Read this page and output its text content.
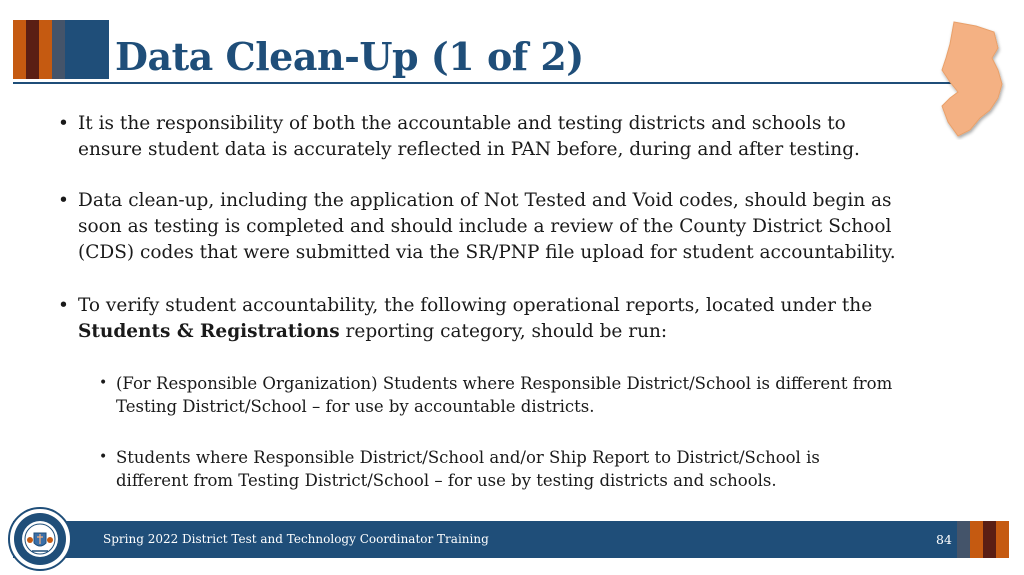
Data Clean-Up (1 of 2)
• It is the responsibility of both the accountable and testing districts and schools to
ensure student data is accurately reflected in PAN before, during and after testing.
• Data clean-up, including the application of Not Tested and Void codes, should begin as
soon as testing is completed and should include a review of the County District School
(CDS) codes that were submitted via the SR/PNP file upload for student accountability.
• To verify student accountability, the following operational reports, located under the
Students & Registrations reporting category, should be run:
• (For Responsible Organization) Students where Responsible District/School is different from
Testing District/School – for use by accountable districts.
• Students where Responsible District/School and/or Ship Report to District/School is
different from Testing District/School – for use by testing districts and schools.
Spring 2022 District Test and Technology Coordinator Training	84
